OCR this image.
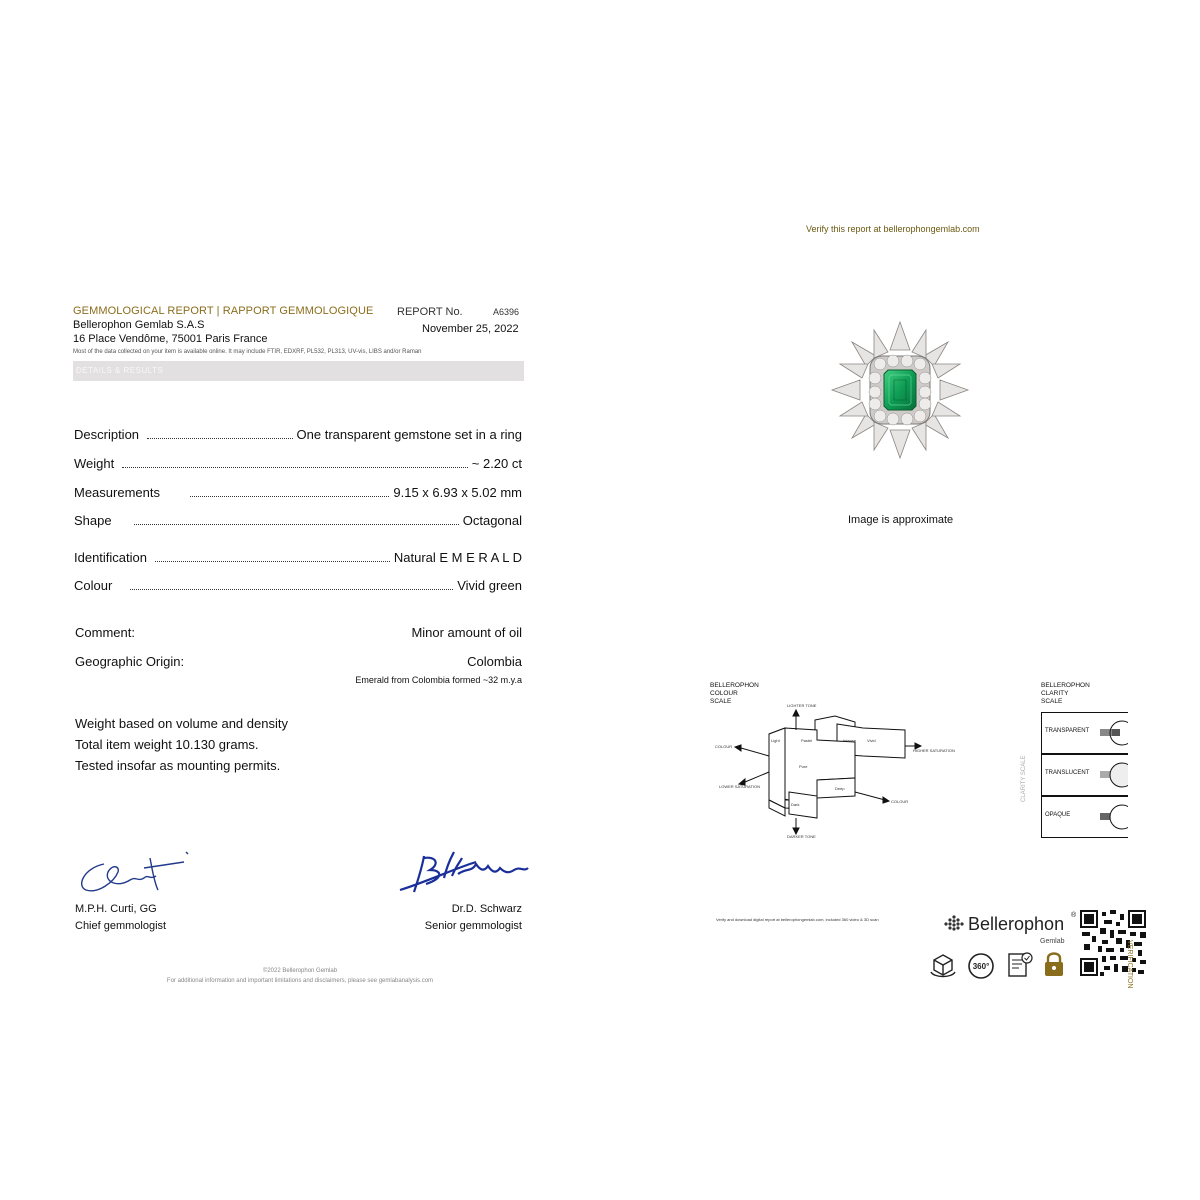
GEMMOLOGICAL REPORT | RAPPORT GEMMOLOGIQUE
Bellerophon Gemlab S.A.S
16 Place Vendôme, 75001 Paris France
Most of the data collected on your item is available online. It may include FTIR, EDXRF, PL532, PL313, UV-vis, LIBS and/or Raman
REPORT No.	A6396
November 25, 2022
DETAILS & RESULTS
Description	One transparent gemstone set in a ring
Weight	~ 2.20 ct
Measurements	9.15 x 6.93 x 5.02 mm
Shape	Octagonal
Identification	Natural E M E R A L D
Colour	Vivid green
Comment:	Minor amount of oil
Geographic Origin:	Colombia
Emerald from Colombia formed ~32 m.y.a
Weight based on volume and density
Total item weight 10.130 grams.
Tested insofar as mounting permits.
M.P.H. Curti, GG
Chief gemmologist
Dr.D. Schwarz
Senior gemmologist
©2022 Bellerophon Gemlab
For additional information and important limitations and disclaimers, please see gemlabanalysis.com
Verify this report at bellerophongemlab.com
Image is approximate
BELLEROPHON
COLOUR
SCALE
LIGHTER TONE
DARKER TONE
COLOUR
COLOUR
HIGHER SATURATION
LOWER SATURATION
Light	Pastel
Pure
Intense	Vivid
Deep
Dark
BELLEROPHON
CLARITY
SCALE
CLARITY SCALE
TRANSPARENT
TRANSLUCENT
OPAQUE
Verify and download digital report at bellerophongemlab.com, included 360 video & 3D scan	Bellerophon ®
Gemlab
360°	VERIFICATION
